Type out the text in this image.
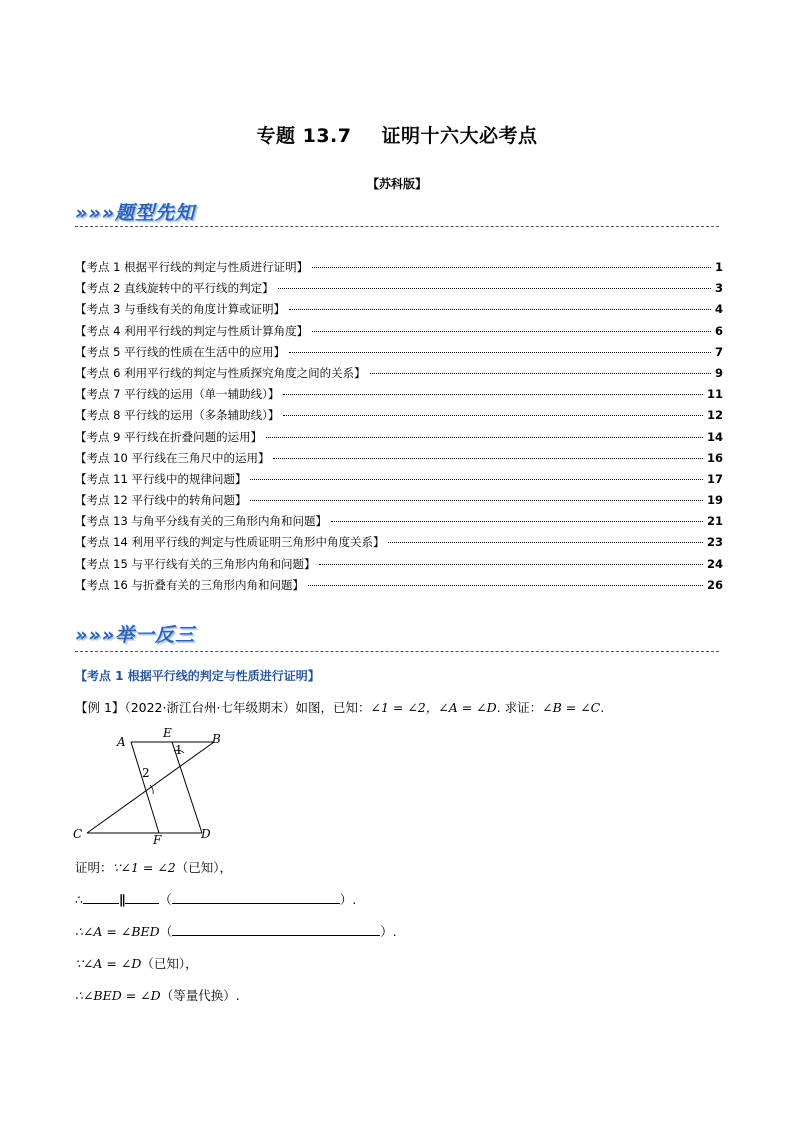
专题 13.7 证明十六大必考点
【苏科版】
»»»题型先知
【考点 1 根据平行线的判定与性质进行证明】	1
【考点 2 直线旋转中的平行线的判定】	3
【考点 3 与垂线有关的角度计算或证明】	4
【考点 4 利用平行线的判定与性质计算角度】	6
【考点 5 平行线的性质在生活中的应用】	7
【考点 6 利用平行线的判定与性质探究角度之间的关系】	9
【考点 7 平行线的运用（单一辅助线）】	11
【考点 8 平行线的运用（多条辅助线）】	12
【考点 9 平行线在折叠问题的运用】	14
【考点 10 平行线在三角尺中的运用】	16
【考点 11 平行线中的规律问题】	17
【考点 12 平行线中的转角问题】	19
【考点 13 与角平分线有关的三角形内角和问题】	21
【考点 14 利用平行线的判定与性质证明三角形中角度关系】	23
【考点 15 与平行线有关的三角形内角和问题】	24
【考点 16 与折叠有关的三角形内角和问题】	26
»»»举一反三
【考点 1 根据平行线的判定与性质进行证明】
【例 1】（2022·浙江台州·七年级期末）如图，已知：∠1 = ∠2，∠A = ∠D. 求证：∠B = ∠C.
A
E	B
1
2
C	F	D
证明：∵∠1 = ∠2（已知），
∴	∥	（	）.
∴∠A = ∠BED（	）.
∵∠A = ∠D（已知），
∴∠BED = ∠D（等量代换）.
